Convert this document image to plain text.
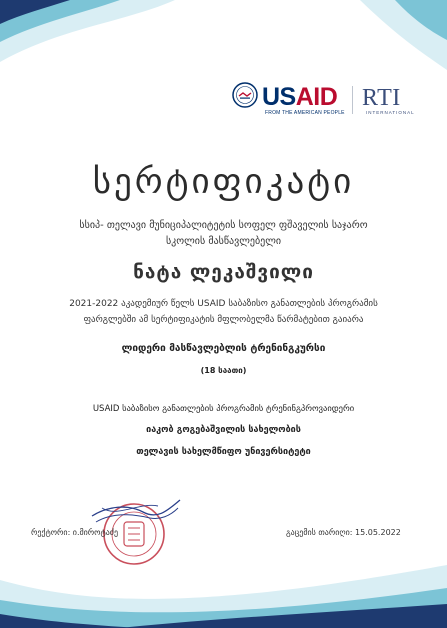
USAID
FROM THE AMERICAN PEOPLE
RTI
INTERNATIONAL
სერტიფიკატი
სსიპ- თელავი მუნიციპალიტეტის სოფელ ფშაველის საჯარო სკოლის მასწავლებელი
ნატა ლეკაშვილი
2021-2022 აკადემიურ წელს USAID საბაზისო განათლების პროგრამის ფარგლებში ამ სერტიფიკატის მფლობელმა წარმატებით გაიარა
ლიდერი მასწავლებლის ტრენინგკურსი
(18 საათი)
USAID საბაზისო განათლების პროგრამის ტრენინგპროვაიდერი
იაკობ გოგებაშვილის სახელობის
თელავის სახელმწიფო უნივერსიტეტი
რექტორი: ი.მიროტაძე	გაცემის თარიღი: 15.05.2022
